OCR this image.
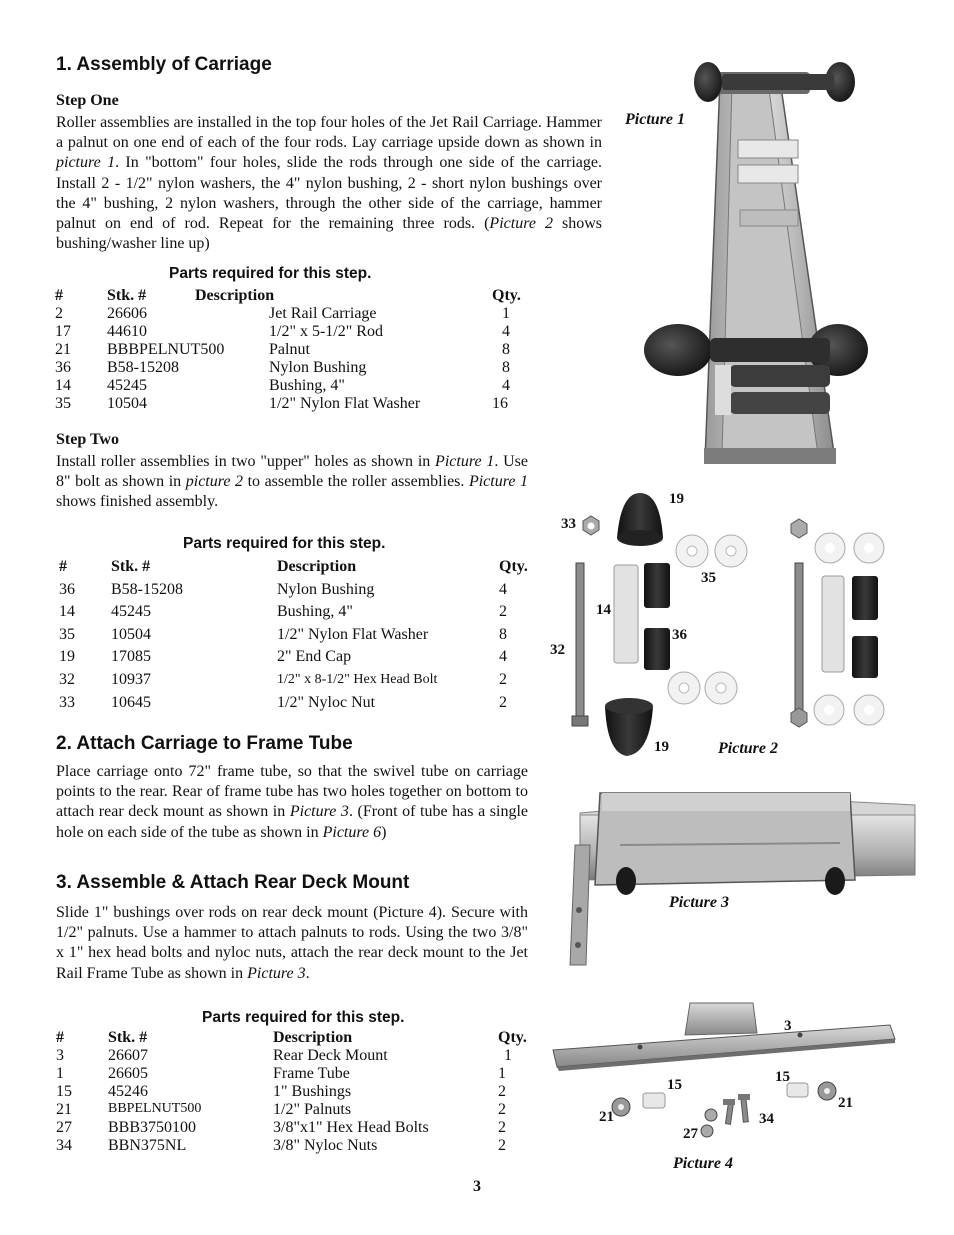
1. Assembly of Carriage
Step One
Roller assemblies are installed in the top four holes of the Jet Rail Carriage. Hammer a palnut on one end of each of the four rods. Lay carriage upside down as shown in picture 1. In "bottom" four holes, slide the rods through one side of the carriage. Install 2 - 1/2" nylon washers, the 4" nylon bushing, 2 - short nylon bushings over the 4" bushing, 2 nylon washers, through the other side of the carriage, hammer palnut on end of rod. Repeat for the remaining three rods. (Picture 2 shows bushing/washer line up)
Parts required for this step.
#	Stk. #	Description		Qty.
2	26606		Jet Rail Carriage	1
17	44610		1/2" x 5-1/2" Rod	4
21	BBBPELNUT500		Palnut	8
36	B58-15208		Nylon Bushing	8
14	45245		Bushing, 4"	4
35	10504		1/2" Nylon Flat Washer	16
Step Two
Install roller assemblies in two "upper" holes as shown in Picture 1. Use 8" bolt as shown in picture 2 to assemble the roller assemblies. Picture 1 shows finished assembly.
Parts required for this step.
#	Stk. #	Description	Qty.
36	B58-15208	Nylon Bushing	4
14	45245	Bushing, 4"	2
35	10504	1/2" Nylon Flat Washer	8
19	17085	2" End Cap	4
32	10937	1/2" x 8-1/2" Hex Head Bolt	2
33	10645	1/2" Nyloc Nut	2
2. Attach Carriage to Frame Tube
Place carriage onto 72" frame tube, so that the swivel tube on carriage points to the rear. Rear of frame tube has two holes together on bottom to attach rear deck mount as shown in Picture 3. (Front of tube has a single hole on each side of the tube as shown in Picture 6)
3. Assemble & Attach Rear Deck Mount
Slide 1" bushings over rods on rear deck mount (Picture 4). Secure with 1/2" palnuts. Use a hammer to attach palnuts to rods. Using the two 3/8" x 1" hex head bolts and nyloc nuts, attach the rear deck mount to the Jet Rail Frame Tube as shown in Picture 3.
Parts required for this step.
#	Stk. #	Description	Qty.
3	26607	Rear Deck Mount	1
1	26605	Frame Tube	1
15	45246	1" Bushings	2
21	BBPELNUT500	1/2" Palnuts	2
27	BBB3750100	3/8"x1" Hex Head Bolts	2
34	BBN375NL	3/8" Nyloc Nuts	2
3
Picture 1
19
33
35
14
36
32
19	Picture 2
Picture 3
3
15	15
21
21
27
34
Picture 4
